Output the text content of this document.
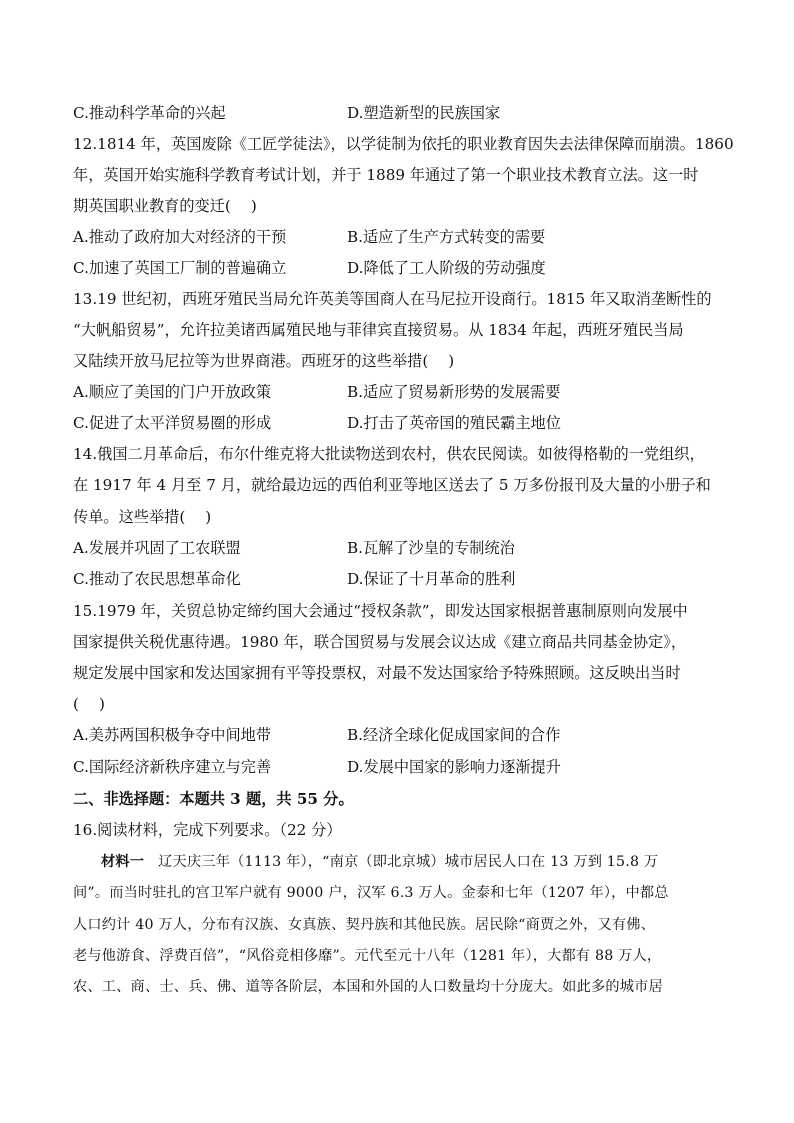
C.推动科学革命的兴起	D.塑造新型的民族国家
12.1814 年，英国废除《工匠学徒法》，以学徒制为依托的职业教育因失去法律保障而崩溃。1860
年，英国开始实施科学教育考试计划，并于 1889 年通过了第一个职业技术教育立法。这一时
期英国职业教育的变迁(　 )
A.推动了政府加大对经济的干预	B.适应了生产方式转变的需要
C.加速了英国工厂制的普遍确立	D.降低了工人阶级的劳动强度
13.19 世纪初，西班牙殖民当局允许英美等国商人在马尼拉开设商行。1815 年又取消垄断性的
“大帆船贸易”，允许拉美诸西属殖民地与菲律宾直接贸易。从 1834 年起，西班牙殖民当局
又陆续开放马尼拉等为世界商港。西班牙的这些举措(　 )
A.顺应了美国的门户开放政策	B.适应了贸易新形势的发展需要
C.促进了太平洋贸易圈的形成	D.打击了英帝国的殖民霸主地位
14.俄国二月革命后，布尔什维克将大批读物送到农村，供农民阅读。如彼得格勒的一党组织，
在 1917 年 4 月至 7 月，就给最边远的西伯利亚等地区送去了 5 万多份报刊及大量的小册子和
传单。这些举措(　 )
A.发展并巩固了工农联盟	B.瓦解了沙皇的专制统治
C.推动了农民思想革命化	D.保证了十月革命的胜利
15.1979 年，关贸总协定缔约国大会通过“授权条款”，即发达国家根据普惠制原则向发展中
国家提供关税优惠待遇。1980 年，联合国贸易与发展会议达成《建立商品共同基金协定》，
规定发展中国家和发达国家拥有平等投票权，对最不发达国家给予特殊照顾。这反映出当时
(　 )
A.美苏两国积极争夺中间地带	B.经济全球化促成国家间的合作
C.国际经济新秩序建立与完善	D.发展中国家的影响力逐渐提升
二、非选择题：本题共 3 题，共 55 分。
16.阅读材料，完成下列要求。（22 分）
材料一 辽天庆三年（1113 年），“南京（即北京城）城市居民人口在 13 万到 15.8 万
间”。而当时驻扎的宫卫军户就有 9000 户，汉军 6.3 万人。金泰和七年（1207 年），中都总
人口约计 40 万人，分布有汉族、女真族、契丹族和其他民族。居民除“商贾之外，又有佛、
老与他游食、浮费百倍”，“风俗竞相侈靡”。元代至元十八年（1281 年），大都有 88 万人，
农、工、商、士、兵、佛、道等各阶层，本国和外国的人口数量均十分庞大。如此多的城市居
